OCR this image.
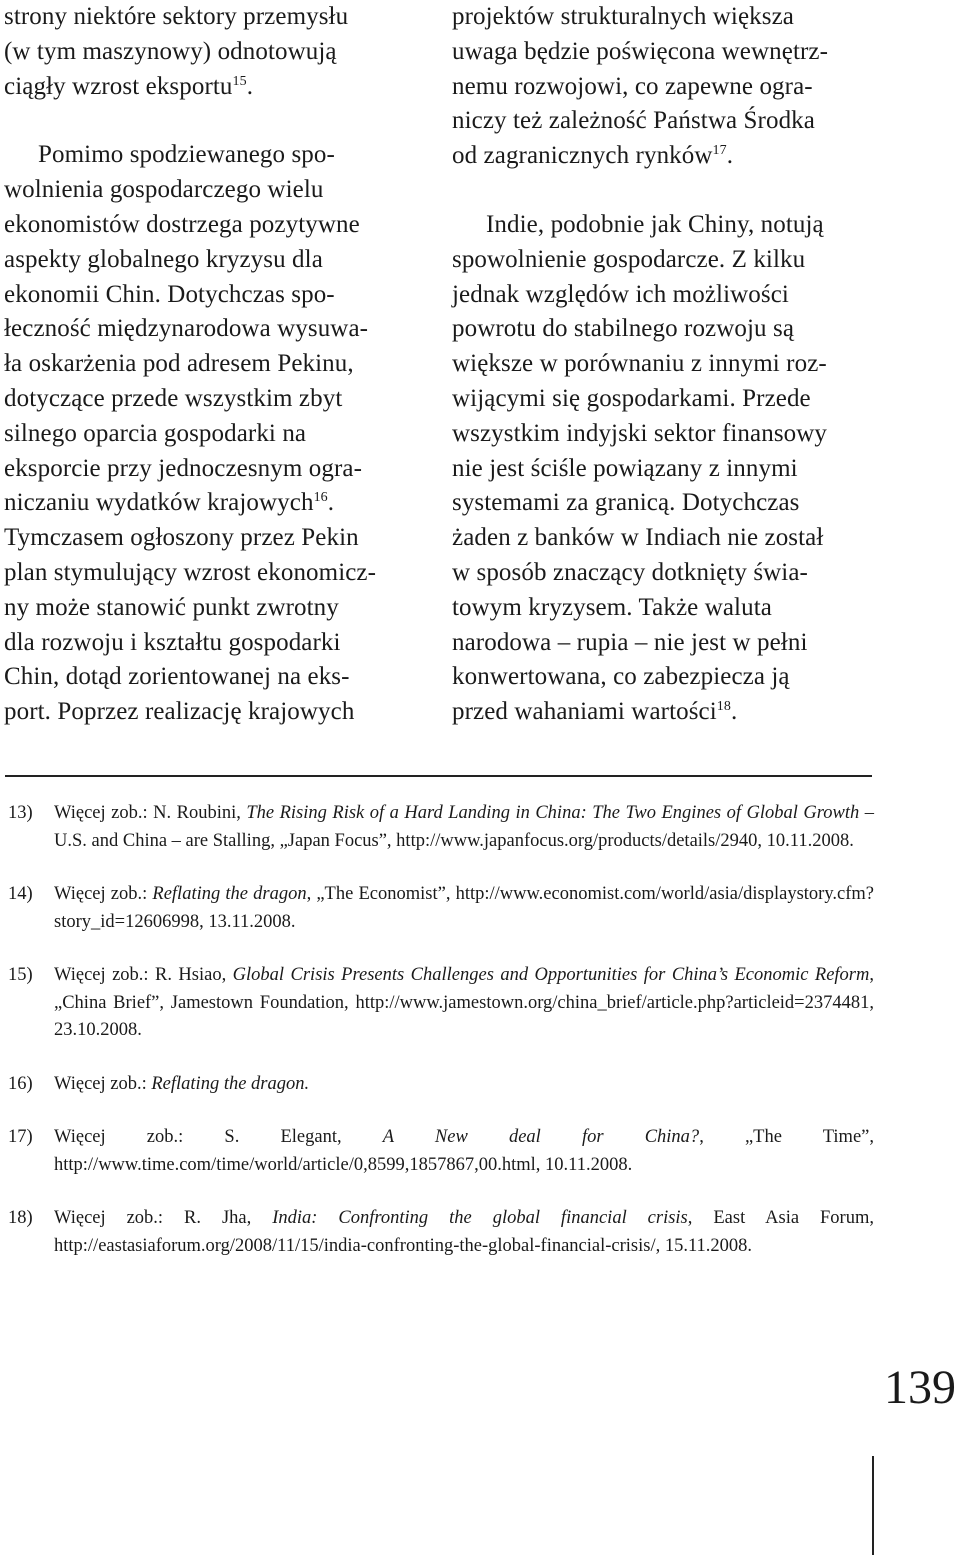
strony niektóre sektory przemysłu
(w tym maszynowy) odnotowują
ciągły wzrost eksportu$^{15}$.

Pomimo spodziewanego spo-
wolnienia gospodarczego wielu
ekonomistów dostrzega pozytywne
aspekty globalnego kryzysu dla
ekonomii Chin. Dotychczas spo-
łeczność międzynarodowa wysuwa-
ła oskarżenia pod adresem Pekinu,
dotyczące przede wszystkim zbyt
silnego oparcia gospodarki na
eksporcie przy jednoczesnym ogra-
niczaniu wydatków krajowych$^{16}$.
Tymczasem ogłoszony przez Pekin
plan stymulujący wzrost ekonomicz-
ny może stanowić punkt zwrotny
dla rozwoju i kształtu gospodarki
Chin, dotąd zorientowanej na eks-
port. Poprzez realizację krajowych

projektów strukturalnych większa
uwaga będzie poświęcona wewnętrz-
nemu rozwojowi, co zapewne ogra-
niczy też zależność Państwa Środka
od zagranicznych rynków$^{17}$.

Indie, podobnie jak Chiny, notują
spowolnienie gospodarcze. Z kilku
jednak względów ich możliwości
powrotu do stabilnego rozwoju są
większe w porównaniu z innymi roz-
wijącymi się gospodarkami. Przede
wszystkim indyjski sektor finansowy
nie jest ściśle powiązany z innymi
systemami za granicą. Dotychczas
żaden z banków w Indiach nie został
w sposób znaczący dotknięty świa-
towym kryzysem. Także waluta
narodowa – rupia – nie jest w pełni
konwertowana, co zabezpiecza ją
przed wahaniami wartości$^{18}$.

13) Więcej zob.: N. Roubini, The Rising Risk of a Hard Landing in China: The Two Engines of Global Growth – U.S. and China – are Stalling, „Japan Focus”, http://www.japanfocus.org/products/details/2940, 10.11.2008.
14) Więcej zob.: Reflating the dragon, „The Economist”, http://www.economist.com/world/asia/displaystory.cfm?story_id=12606998, 13.11.2008.
15) Więcej zob.: R. Hsiao, Global Crisis Presents Challenges and Opportunities for China’s Economic Reform, „China Brief”, Jamestown Foundation, http://www.jamestown.org/china_brief/article.php?articleid=2374481, 23.10.2008.
16) Więcej zob.: Reflating the dragon.
17) Więcej zob.: S. Elegant, A New deal for China?, „The Time”, http://www.time.com/time/world/article/0,8599,1857867,00.html, 10.11.2008.
18) Więcej zob.: R. Jha, India: Confronting the global financial crisis, East Asia Forum, http://eastasiaforum.org/2008/11/15/india-confronting-the-global-financial-crisis/, 15.11.2008.
139
